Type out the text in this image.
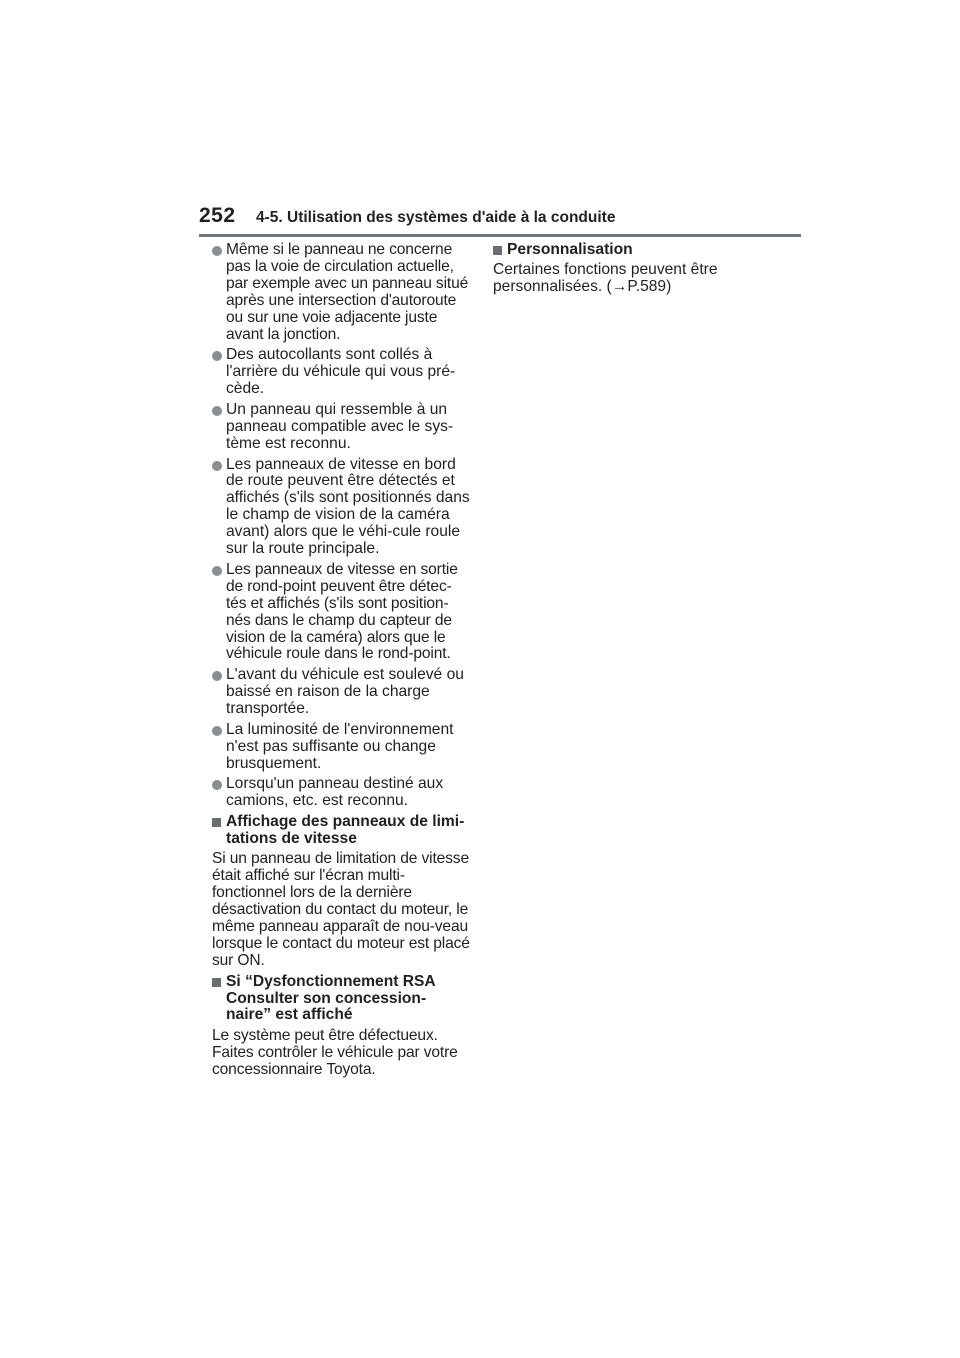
252 4-5. Utilisation des systèmes d'aide à la conduite
Même si le panneau ne concerne pas la voie de circulation actuelle, par exemple avec un panneau situé après une intersection d'autoroute ou sur une voie adjacente juste avant la jonction.
Des autocollants sont collés à l'arrière du véhicule qui vous pré-cède.
Un panneau qui ressemble à un panneau compatible avec le sys-tème est reconnu.
Les panneaux de vitesse en bord de route peuvent être détectés et affichés (s'ils sont positionnés dans le champ de vision de la caméra avant) alors que le véhi-cule roule sur la route principale.
Les panneaux de vitesse en sortie de rond-point peuvent être détec-tés et affichés (s'ils sont position-nés dans le champ du capteur de vision de la caméra) alors que le véhicule roule dans le rond-point.
L'avant du véhicule est soulevé ou baissé en raison de la charge transportée.
La luminosité de l'environnement n'est pas suffisante ou change brusquement.
Lorsqu'un panneau destiné aux camions, etc. est reconnu.
Affichage des panneaux de limi-tations de vitesse
Si un panneau de limitation de vitesse était affiché sur l'écran multi-fonctionnel lors de la dernière désactivation du contact du moteur, le même panneau apparaît de nou-veau lorsque le contact du moteur est placé sur ON.
Si “Dysfonctionnement RSA Consulter son concession-naire” est affiché
Le système peut être défectueux. Faites contrôler le véhicule par votre concessionnaire Toyota.
Personnalisation
Certaines fonctions peuvent être personnalisées. (→P.589)
